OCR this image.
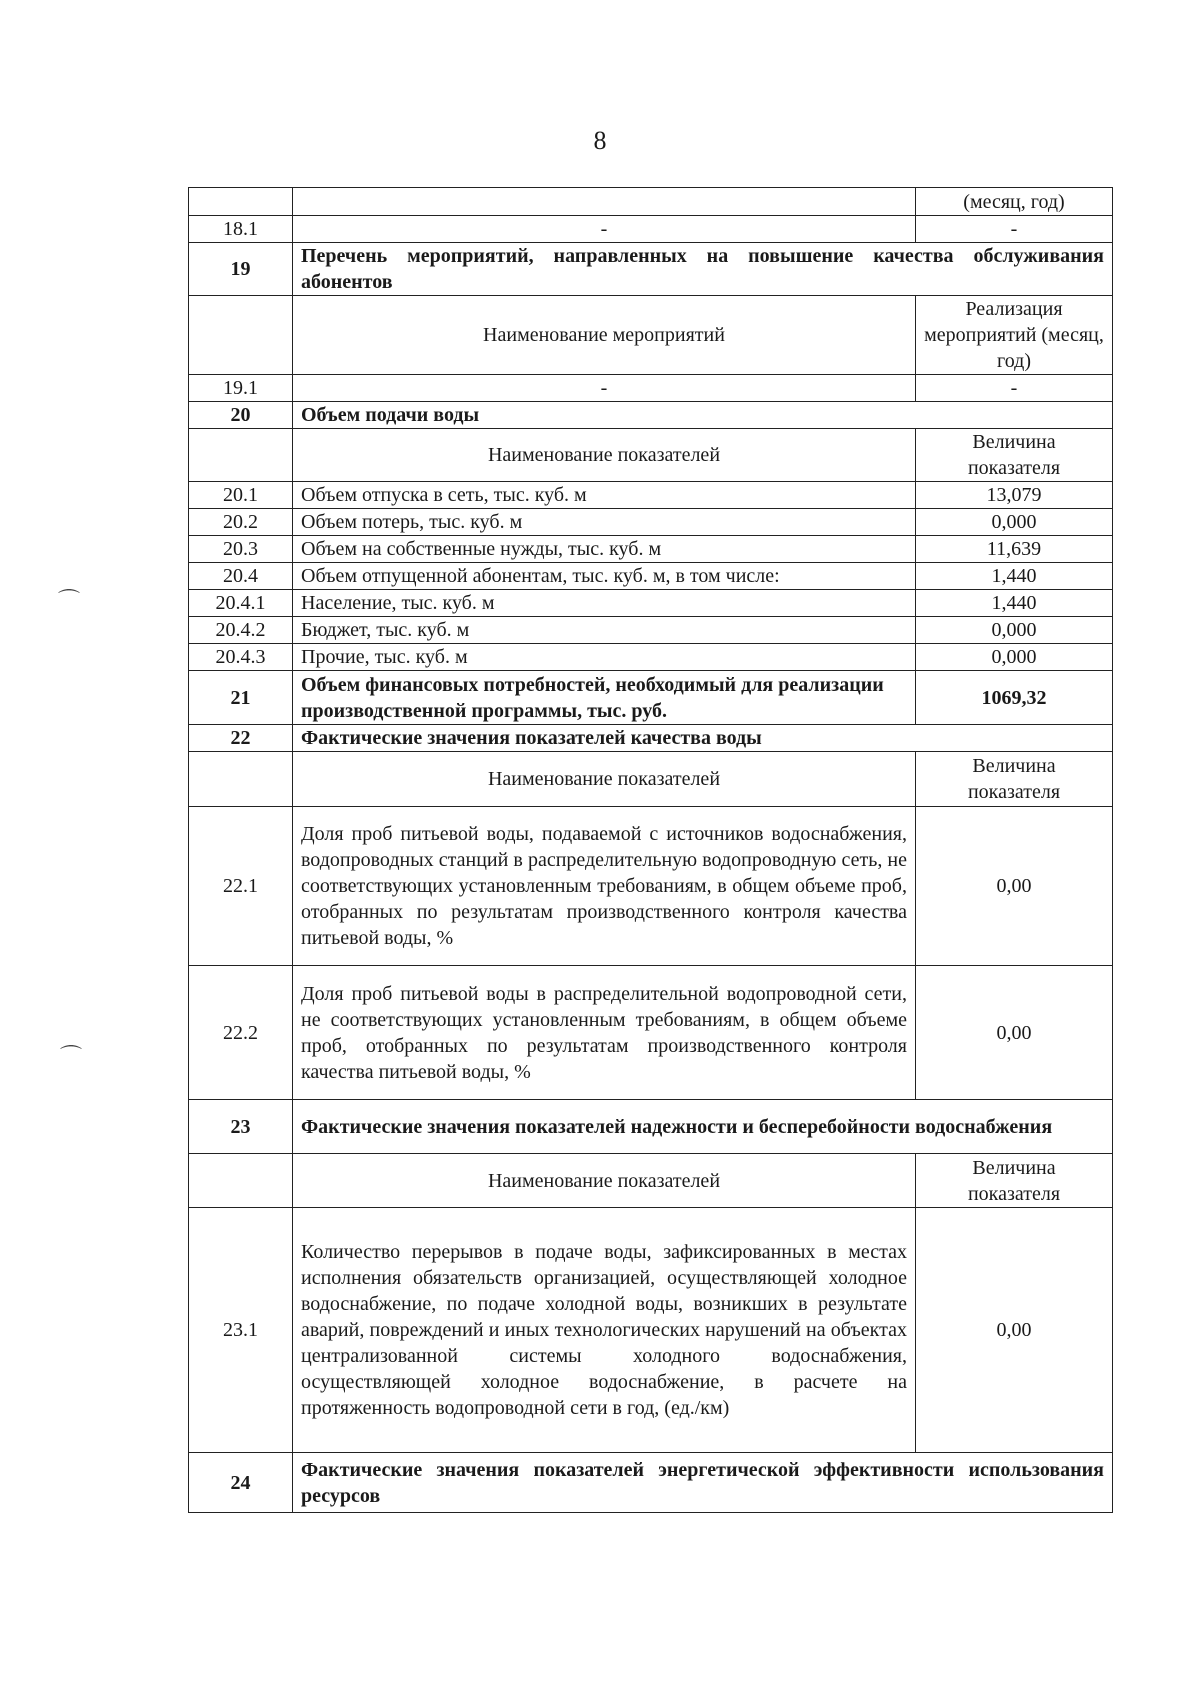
8
⌒
⌒
		(месяц, год)
18.1	-	-
19	Перечень мероприятий, направленных на повышение качества обслуживания абонентов	
	Наименование мероприятий	Реализация мероприятий (месяц, год)
19.1	-	-
20	Объем подачи воды	
	Наименование показателей	Величина показателя
20.1	Объем отпуска в сеть, тыс. куб. м	13,079
20.2	Объем потерь, тыс. куб. м	0,000
20.3	Объем на собственные нужды, тыс. куб. м	11,639
20.4	Объем отпущенной абонентам, тыс. куб. м, в том числе:	1,440
20.4.1	Население, тыс. куб. м	1,440
20.4.2	Бюджет, тыс. куб. м	0,000
20.4.3	Прочие, тыс. куб. м	0,000
21	Объем финансовых потребностей, необходимый для реализации производственной программы, тыс. руб.	1069,32
22	Фактические значения показателей качества воды	
	Наименование показателей	Величина показателя
22.1	Доля проб питьевой воды, подаваемой с источников водоснабжения, водопроводных станций в распределительную водопроводную сеть, не соответствующих установленным требованиям, в общем объеме проб, отобранных по результатам производственного контроля качества питьевой воды, %	0,00
22.2	Доля проб питьевой воды в распределительной водопроводной сети, не соответствующих установленным требованиям, в общем объеме проб, отобранных по результатам производственного контроля качества питьевой воды, %	0,00
23	Фактические значения показателей надежности и бесперебойности водоснабжения	
	Наименование показателей	Величина показателя
23.1	Количество перерывов в подаче воды, зафиксированных в местах исполнения обязательств организацией, осуществляющей холодное водоснабжение, по подаче холодной воды, возникших в результате аварий, повреждений и иных технологических нарушений на объектах централизованной системы холодного водоснабжения, осуществляющей холодное водоснабжение, в расчете на протяженность водопроводной сети в год, (ед./км)	0,00
24	Фактические значения показателей энергетической эффективности использования ресурсов	
